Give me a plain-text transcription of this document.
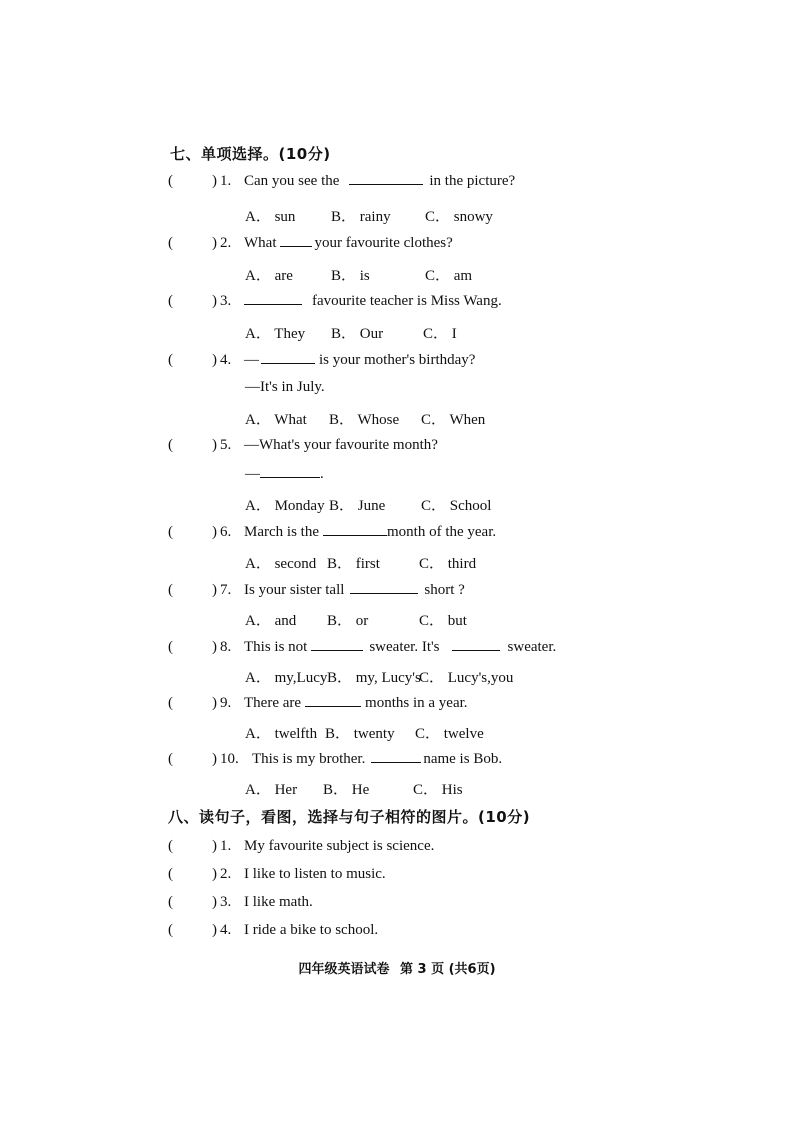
七、单项选择。(10分)
(	) 1. Can you see the	in the picture?
A． sun B． rainy C． snowy
(	) 2. What	your favourite clothes?
A． are	B． is	C． am
(	) 3.	favourite teacher is Miss Wang.
A． They B． Our	C． I
(	) 4. —	is your mother's birthday?
—It's in July.
A． What B． Whose C． When
(	) 5. —What's your favourite month?
—	.
A． Monday B． June C． School
(	) 6. March is the	month of the year.
A． second B． first	C． third
(	) 7. Is your sister tall	short ?
A． and B． or	C． but
(	) 8. This is not	sweater. It's	sweater.
A． my,Lucy B． my, Lucy's
C． Lucy's,you
(	) 9. There are	months in a year.
A． twelfth B． twenty C． twelve
(	) 10. This is my brother.	name is Bob.
A． Her B． He	C． His
八、读句子，看图，选择与句子相符的图片。(10分)
(	) 1. My favourite subject is science.
(	) 2. I like to listen to music.
(	) 3. I like math.
(	) 4. I ride a bike to school.
四年级英语试卷 第 3 页 (共6页)
